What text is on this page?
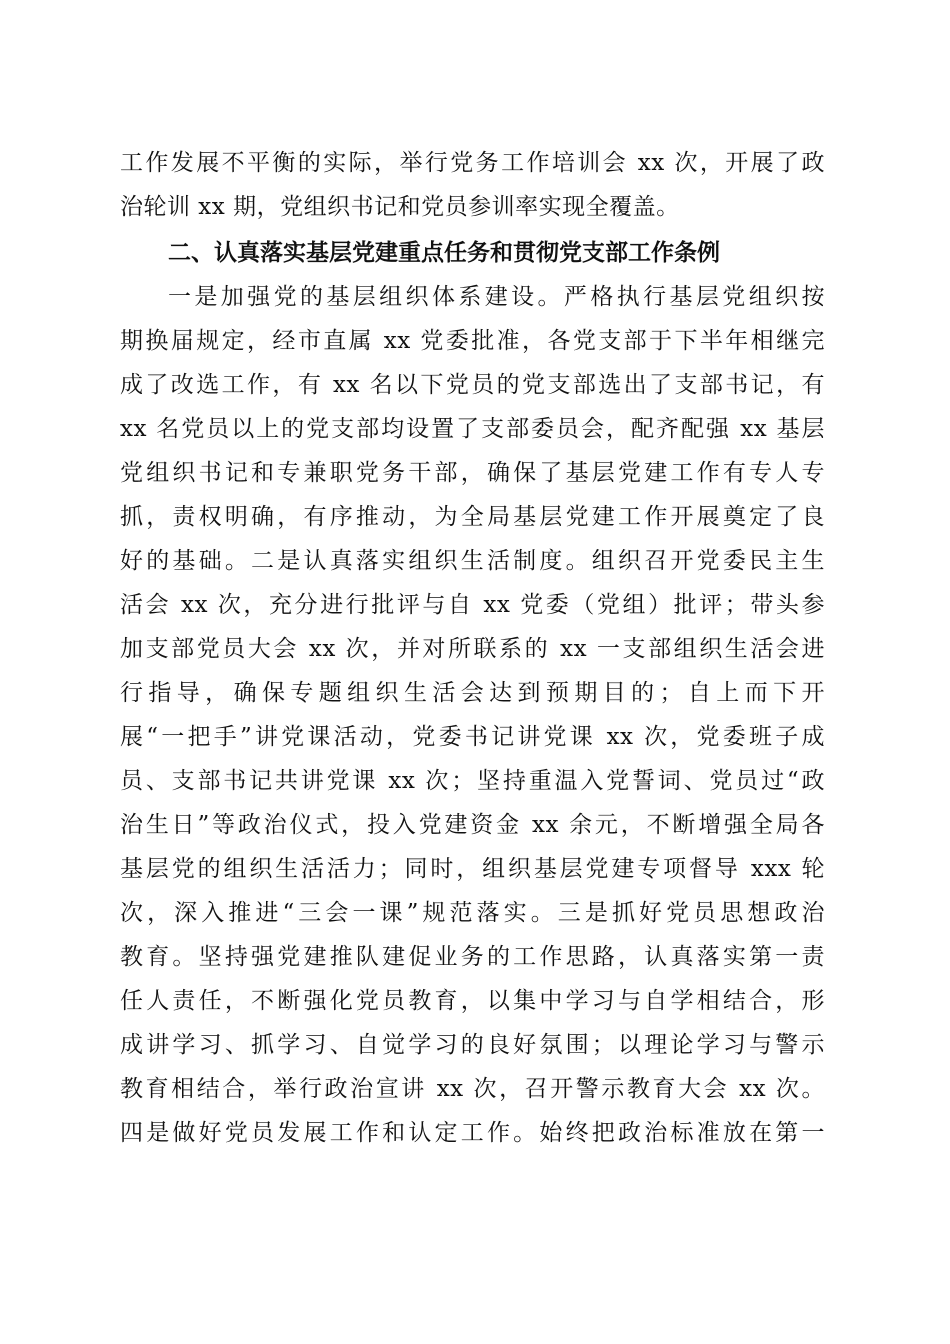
工作发展不平衡的实际，举行党务工作培训会 xx 次，开展了政
治轮训 xx 期，党组织书记和党员参训率实现全覆盖。
二、认真落实基层党建重点任务和贯彻党支部工作条例
一是加强党的基层组织体系建设。严格执行基层党组织按
期换届规定，经市直属 xx 党委批准，各党支部于下半年相继完
成了改选工作，有 xx 名以下党员的党支部选出了支部书记，有
xx 名党员以上的党支部均设置了支部委员会，配齐配强 xx 基层
党组织书记和专兼职党务干部，确保了基层党建工作有专人专
抓，责权明确，有序推动，为全局基层党建工作开展奠定了良
好的基础。二是认真落实组织生活制度。组织召开党委民主生
活会 xx 次，充分进行批评与自 xx 党委（党组）批评；带头参
加支部党员大会 xx 次，并对所联系的 xx 一支部组织生活会进
行指导，确保专题组织生活会达到预期目的；自上而下开
展“一把手”讲党课活动，党委书记讲党课 xx 次，党委班子成
员、支部书记共讲党课 xx 次；坚持重温入党誓词、党员过“政
治生日”等政治仪式，投入党建资金 xx 余元，不断增强全局各
基层党的组织生活活力；同时，组织基层党建专项督导 xxx 轮
次，深入推进“三会一课”规范落实。三是抓好党员思想政治
教育。坚持强党建推队建促业务的工作思路，认真落实第一责
任人责任，不断强化党员教育，以集中学习与自学相结合，形
成讲学习、抓学习、自觉学习的良好氛围；以理论学习与警示
教育相结合，举行政治宣讲 xx 次，召开警示教育大会 xx 次。
四是做好党员发展工作和认定工作。始终把政治标准放在第一
